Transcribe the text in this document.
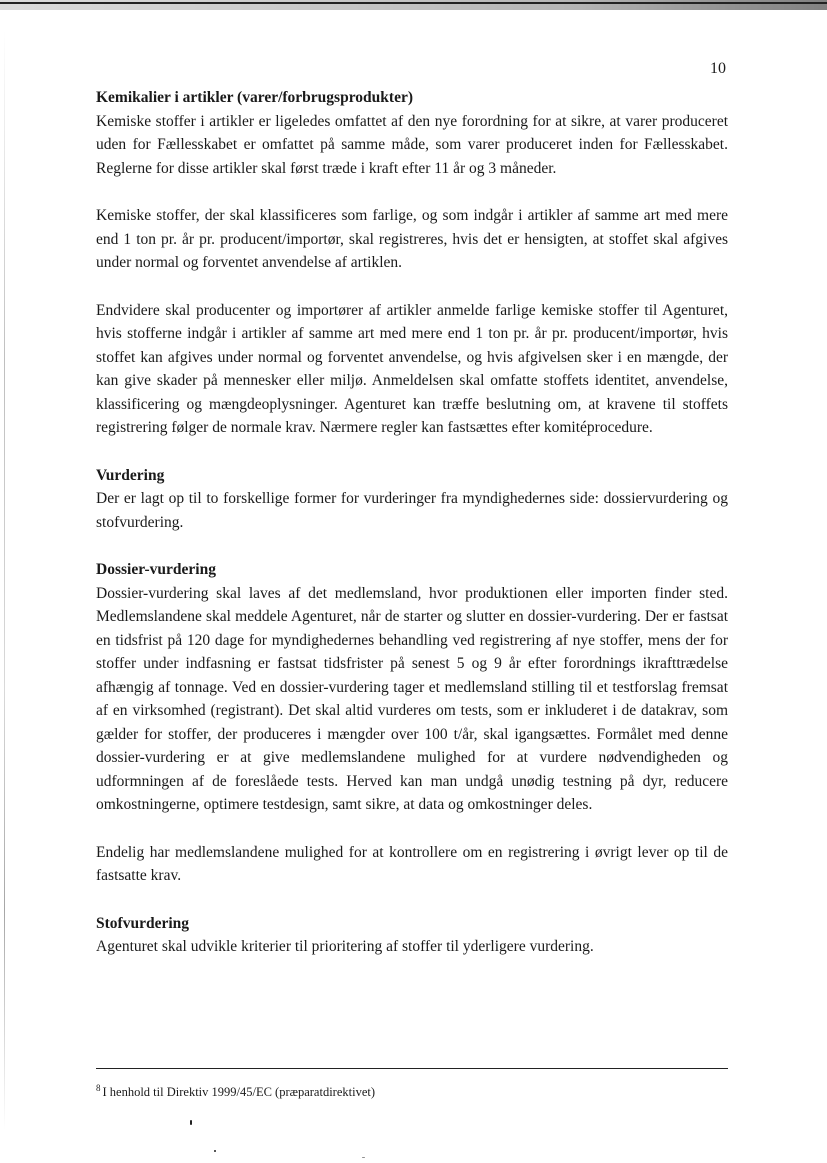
10
Kemikalier i artikler (varer/forbrugsprodukter)

Kemiske stoffer i artikler er ligeledes omfattet af den nye forordning for at sikre, at varer produceret uden for Fællesskabet er omfattet på samme måde, som varer produceret inden for Fællesskabet. Reglerne for disse artikler skal først træde i kraft efter 11 år og 3 måneder.

Kemiske stoffer, der skal klassificeres som farlige, og som indgår i artikler af samme art med mere end 1 ton pr. år pr. producent/importør, skal registreres, hvis det er hensigten, at stoffet skal afgives under normal og forventet anvendelse af artiklen.

Endvidere skal producenter og importører af artikler anmelde farlige kemiske stoffer til Agenturet, hvis stofferne indgår i artikler af samme art med mere end 1 ton pr. år pr. producent/importør, hvis stoffet kan afgives under normal og forventet anvendelse, og hvis afgivelsen sker i en mængde, der kan give skader på mennesker eller miljø. Anmeldelsen skal omfatte stoffets identitet, anvendelse, klassificering og mængdeoplysninger. Agenturet kan træffe beslutning om, at kravene til stoffets registrering følger de normale krav. Nærmere regler kan fastsættes efter komitéprocedure.

Vurdering

Der er lagt op til to forskellige former for vurderinger fra myndighedernes side: dossiervurdering og stofvurdering.

Dossier-vurdering

Dossier-vurdering skal laves af det medlemsland, hvor produktionen eller importen finder sted. Medlemslandene skal meddele Agenturet, når de starter og slutter en dossier-vurdering. Der er fastsat en tidsfrist på 120 dage for myndighedernes behandling ved registrering af nye stoffer, mens der for stoffer under indfasning er fastsat tidsfrister på senest 5 og 9 år efter forordnings ikrafttrædelse afhængig af tonnage. Ved en dossier-vurdering tager et medlemsland stilling til et testforslag fremsat af en virksomhed (registrant). Det skal altid vurderes om tests, som er inkluderet i de datakrav, som gælder for stoffer, der produceres i mængder over 100 t/år, skal igangsættes. Formålet med denne dossier-vurdering er at give medlemslandene mulighed for at vurdere nødvendigheden og udformningen af de foreslåede tests. Herved kan man undgå unødig testning på dyr, reducere omkostningerne, optimere testdesign, samt sikre, at data og omkostninger deles.

Endelig har medlemslandene mulighed for at kontrollere om en registrering i øvrigt lever op til de fastsatte krav.

Stofvurdering

Agenturet skal udvikle kriterier til prioritering af stoffer til yderligere vurdering.

$^8$ I henhold til Direktiv 1999/45/EC (præparatdirektivet)
